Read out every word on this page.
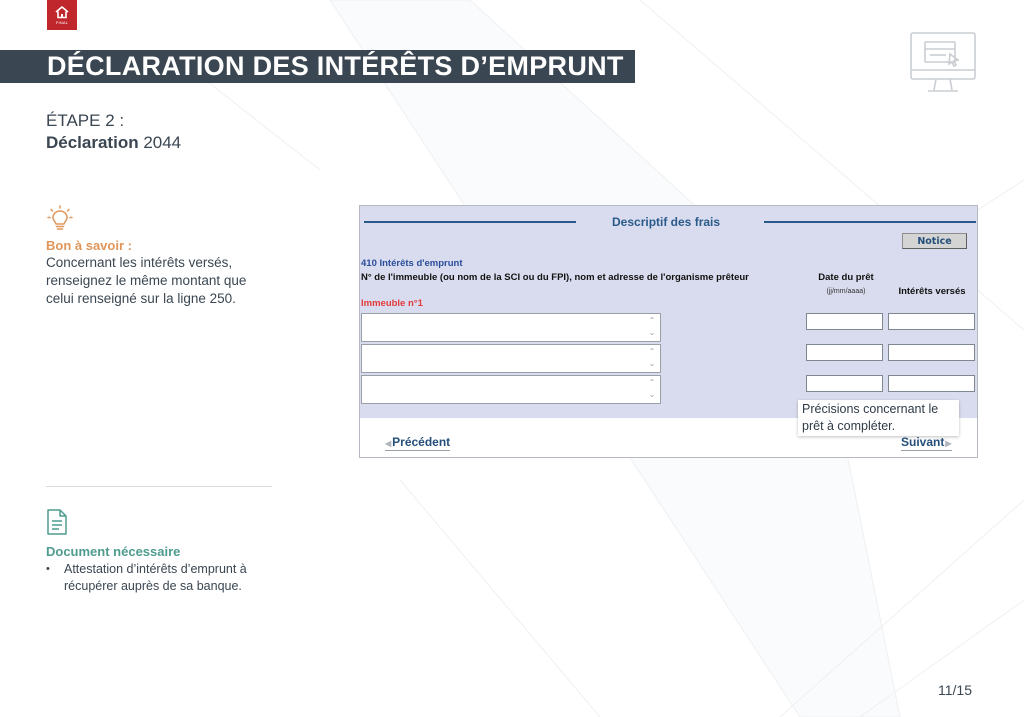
FINAL
DÉCLARATION DES INTÉRÊTS D’EMPRUNT
ÉTAPE 2 :
Déclaration 2044
Bon à savoir :
Concernant les intérêts versés, renseignez le même montant que celui renseigné sur la ligne 250.
Document nécessaire
• Attestation d’intérêts d’emprunt à récupérer auprès de sa banque.
Descriptif des frais
Notice
410 Intérêts d'emprunt
N° de l'immeuble (ou nom de la SCI ou du FPI), nom et adresse de l'organisme prêteur
Immeuble n°1
Date du prêt
(jj/mm/aaaa)	Intérêts versés
⌃
⌄
⌃
⌄
⌃
⌄
Précisions concernant le prêt à compléter.
◀Précédent	Suivant▶
11/15
